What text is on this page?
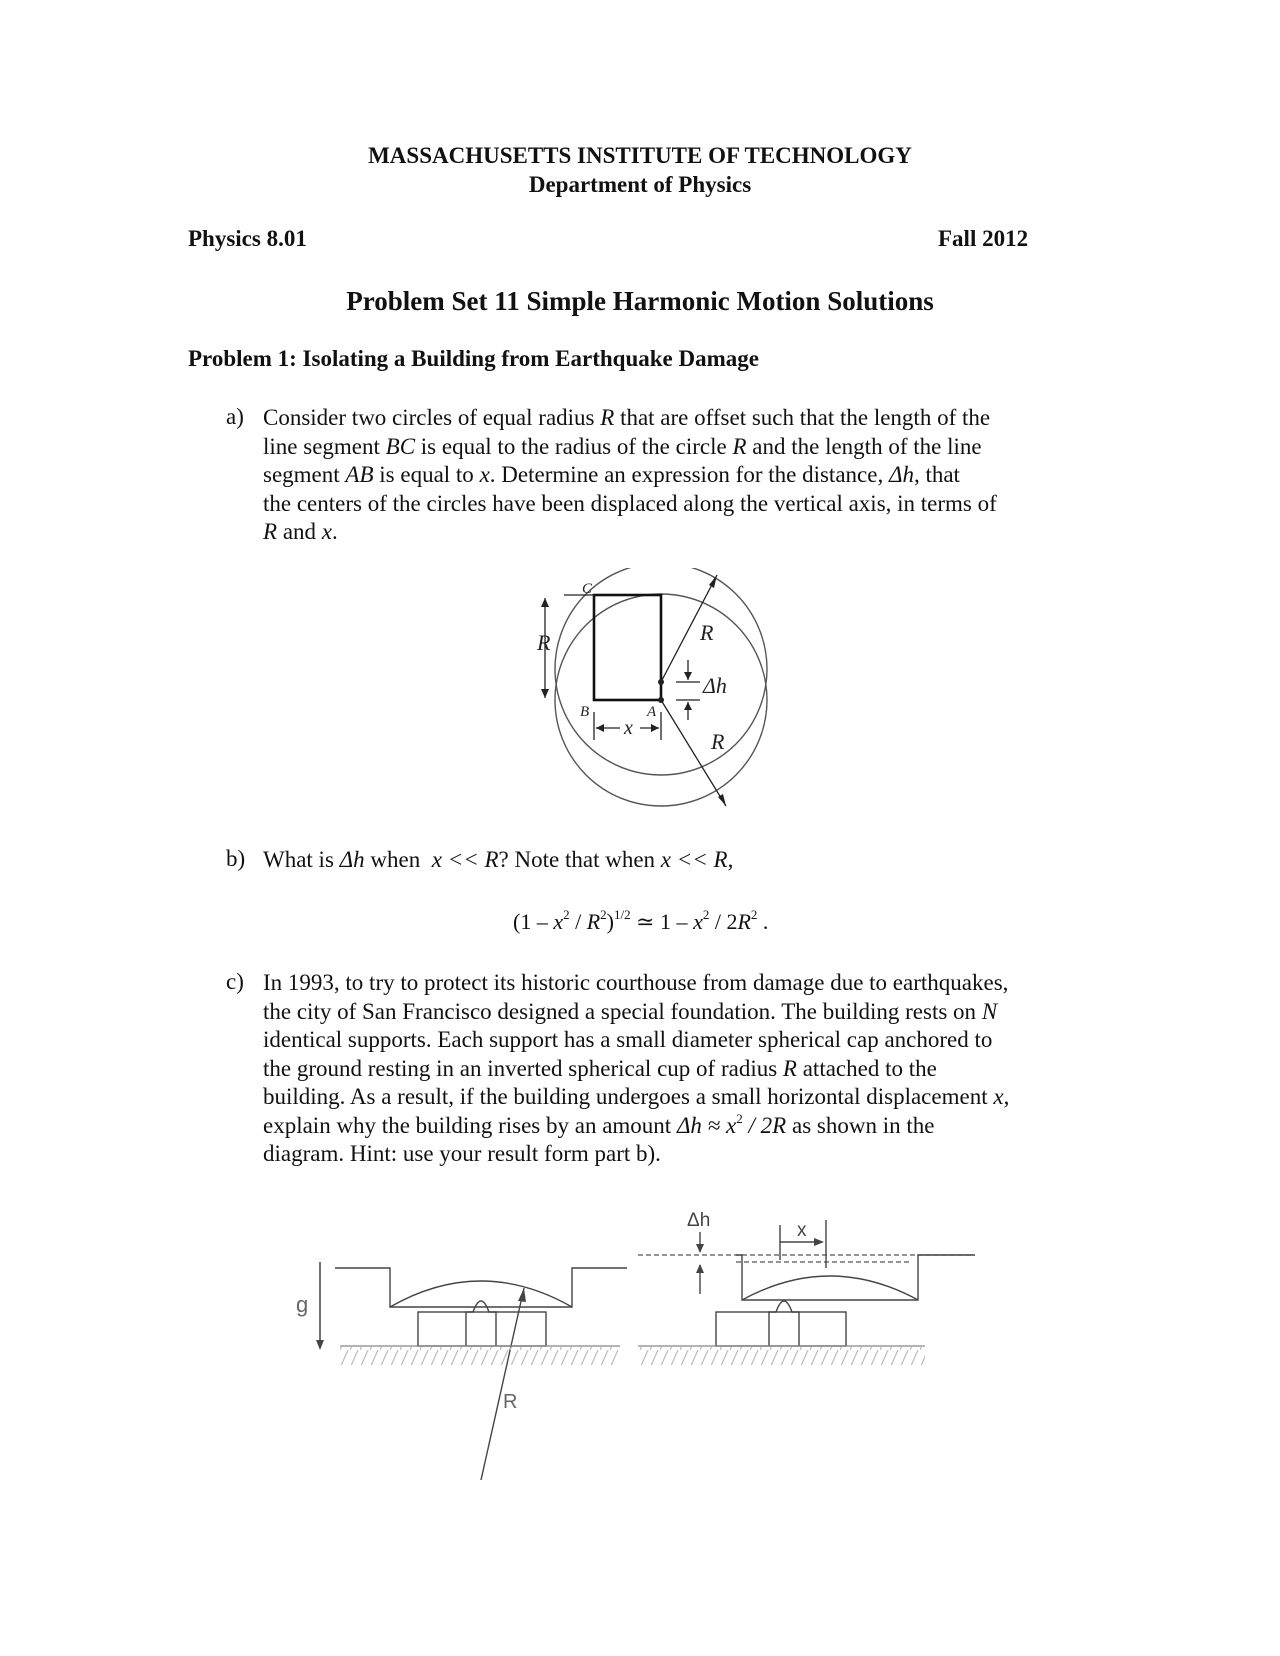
MASSACHUSETTS INSTITUTE OF TECHNOLOGY
Department of Physics
Physics 8.01	Fall 2012
Problem Set 11 Simple Harmonic Motion Solutions
Problem 1: Isolating a Building from Earthquake Damage
a) Consider two circles of equal radius R that are offset such that the length of the
line segment BC is equal to the radius of the circle R and the length of the line
segment AB is equal to x. Determine an expression for the distance, Δh, that
the centers of the circles have been displaced along the vertical axis, in terms of
R and x.
C
R	R
Δh
B	A
x
R
b) What is Δh when x << R? Note that when x << R,
$(1 - x^2 / R^2)^{1/2}$ ≃ $1 - x^2 / 2R^2$ .
c) In 1993, to try to protect its historic courthouse from damage due to earthquakes,
the city of San Francisco designed a special foundation. The building rests on N
identical supports. Each support has a small diameter spherical cap anchored to
the ground resting in an inverted spherical cup of radius R attached to the
building. As a result, if the building undergoes a small horizontal displacement x,
explain why the building rises by an amount $\Delta h \approx x^2 / 2R$ as shown in the
diagram. Hint: use your result form part b).
g
R
Δh	x
